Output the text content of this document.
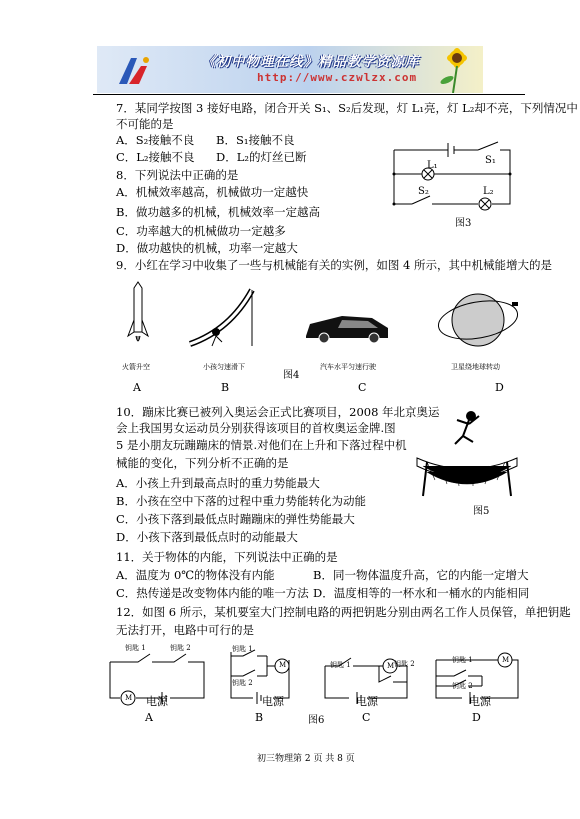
《初中物理在线》精品教学资源库
http://www.czwlzx.com
7．某同学按图 3 接好电路，闭合开关 S₁、S₂后发现，灯 L₁亮，灯 L₂却不亮，下列情况中
不可能的是
A．S₂接触不良 B．S₁接触不良
C．L₂接触不良 D．L₂的灯丝已断
L₁	S₁
S₂	L₂
图3
8．下列说法中正确的是
A．机械效率越高，机械做功一定越快
B．做功越多的机械，机械效率一定越高
C．功率越大的机械做功一定越多
D．做功越快的机械，功率一定越大
9．小红在学习中收集了一些与机械能有关的实例，如图 4 所示，其中机械能增大的是
火箭升空	小孩匀速滑下	汽车水平匀速行驶	卫星绕地球转动
图4
A	B	C	D
10．蹦床比赛已被列入奥运会正式比赛项目，2008 年北京奥运
会上我国男女运动员分别获得该项目的首枚奥运金牌.图
5 是小朋友玩蹦蹦床的情景.对他们在上升和下落过程中机
械能的变化，下列分析不正确的是
A．小孩上升到最高点时的重力势能最大
B．小孩在空中下落的过程中重力势能转化为动能
C．小孩下落到最低点时蹦蹦床的弹性势能最大
D．小孩下落到最低点时的动能最大
图5
11．关于物体的内能，下列说法中正确的是
A．温度为 0℃的物体没有内能	B．同一物体温度升高，它的内能一定增大
C．热传递是改变物体内能的唯一方法 D．温度相等的一杯水和一桶水的内能相同
12．如图 6 所示，某机要室大门控制电路的两把钥匙分别由两名工作人员保管，单把钥匙
无法打开，电路中可行的是
钥匙 1	钥匙 2
M 电源
A
钥匙 1
钥匙 2
M
电源
B	图6
钥匙 1	钥匙 2
M
电源
C
钥匙 1
钥匙 2
M
电源
D
初三物理第 2 页 共 8 页
